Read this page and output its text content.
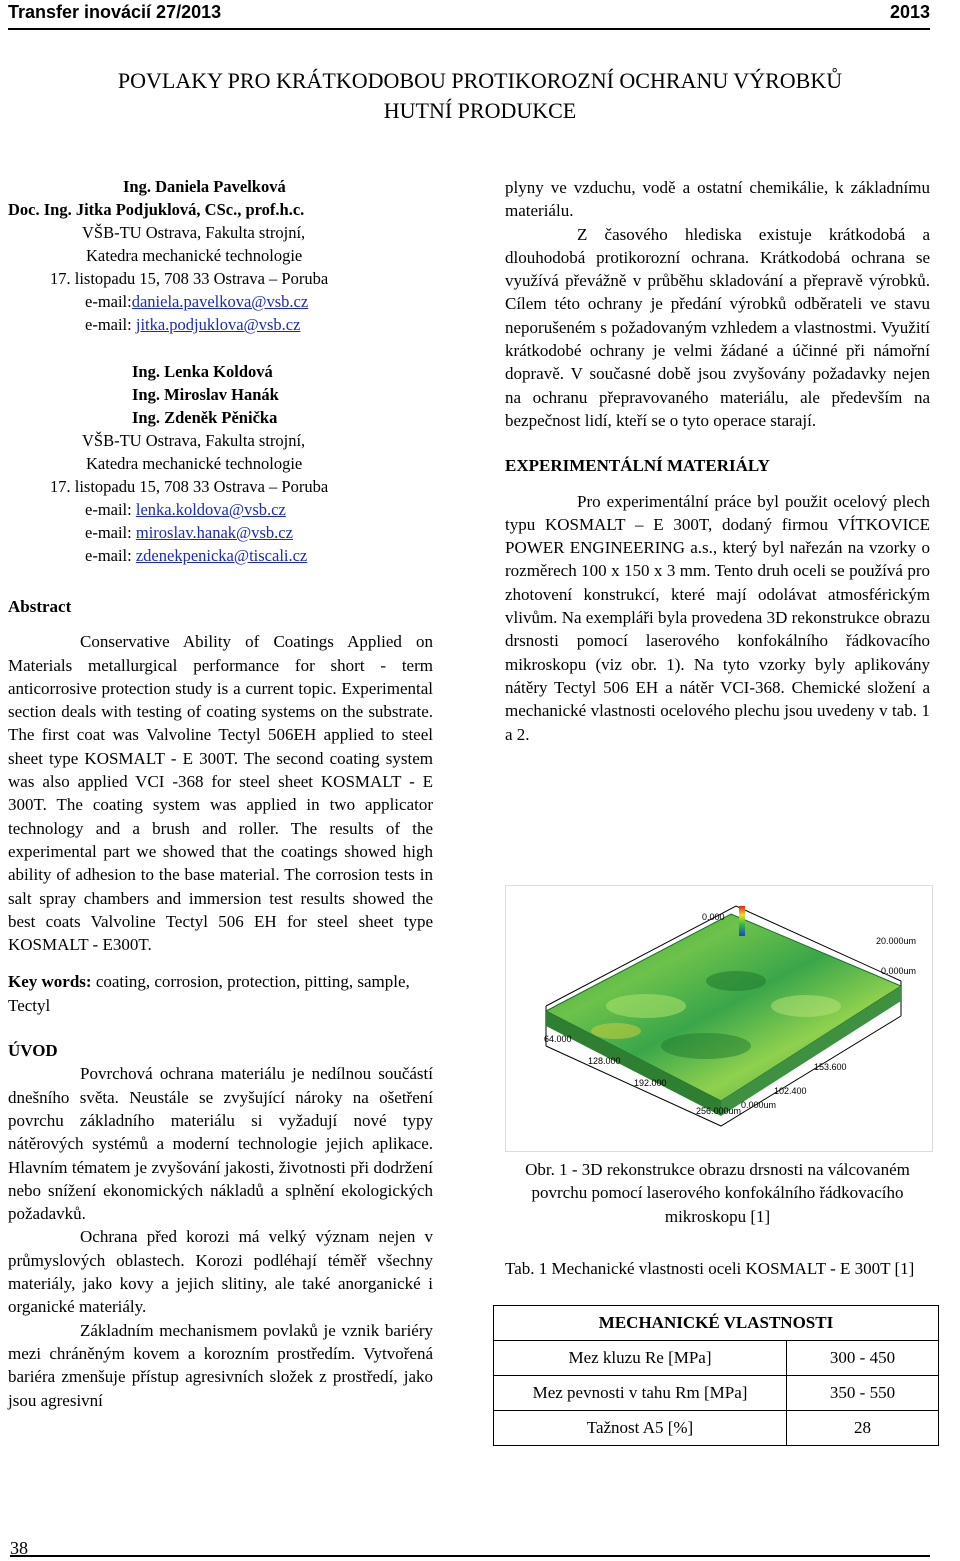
Transfer inovácií 27/2013	2013
POVLAKY PRO KRÁTKODOBOU PROTIKOROZNÍ OCHRANU VÝROBKŮ
HUTNÍ PRODUKCE
Ing. Daniela Pavelková
Doc. Ing. Jitka Podjuklová, CSc., prof.h.c.
VŠB-TU Ostrava, Fakulta strojní,
Katedra mechanické technologie
17. listopadu 15, 708 33 Ostrava – Poruba
e-mail:daniela.pavelkova@vsb.cz
e-mail: jitka.podjuklova@vsb.cz
Ing. Lenka Koldová
Ing. Miroslav Hanák
Ing. Zdeněk Pěnička
VŠB-TU Ostrava, Fakulta strojní,
Katedra mechanické technologie
17. listopadu 15, 708 33 Ostrava – Poruba
e-mail: lenka.koldova@vsb.cz
e-mail: miroslav.hanak@vsb.cz
e-mail: zdenekpenicka@tiscali.cz
Abstract

Conservative Ability of Coatings Applied on Materials metallurgical performance for short - term anticorrosive protection study is a current topic. Experimental section deals with testing of coating systems on the substrate. The first coat was Valvoline Tectyl 506EH applied to steel sheet type KOSMALT - E 300T. The second coating system was also applied VCI -368 for steel sheet KOSMALT - E 300T. The coating system was applied in two applicator technology and a brush and roller. The results of the experimental part we showed that the coatings showed high ability of adhesion to the base material. The corrosion tests in salt spray chambers and immersion test results showed the best coats Valvoline Tectyl 506 EH for steel sheet type KOSMALT - E300T.

Key words: coating, corrosion, protection, pitting, sample, Tectyl

ÚVOD

Povrchová ochrana materiálu je nedílnou součástí dnešního světa. Neustále se zvyšující nároky na ošetření povrchu základního materiálu si vyžadují nové typy nátěrových systémů a moderní technologie jejich aplikace. Hlavním tématem je zvyšování jakosti, životnosti při dodržení nebo snížení ekonomických nákladů a splnění ekologických požadavků.

Ochrana před korozi má velký význam nejen v průmyslových oblastech. Korozi podléhají téměř všechny materiály, jako kovy a jejich slitiny, ale také anorganické i organické materiály.

Základním mechanismem povlaků je vznik bariéry mezi chráněným kovem a korozním prostředím. Vytvořená bariéra zmenšuje přístup agresivních složek z prostředí, jako jsou agresivní

plyny ve vzduchu, vodě a ostatní chemikálie, k základnímu materiálu.

Z časového hlediska existuje krátkodobá a dlouhodobá protikorozní ochrana. Krátkodobá ochrana se využívá převážně v průběhu skladování a přepravě výrobků. Cílem této ochrany je předání výrobků odběrateli ve stavu neporušeném s požadovaným vzhledem a vlastnostmi. Využití krátkodobé ochrany je velmi žádané a účinné při námořní dopravě. V současné době jsou zvyšovány požadavky nejen na ochranu přepravovaného materiálu, ale především na bezpečnost lidí, kteří se o tyto operace starají.

EXPERIMENTÁLNÍ MATERIÁLY

Pro experimentální práce byl použit ocelový plech typu KOSMALT – E 300T, dodaný firmou VÍTKOVICE POWER ENGINEERING a.s., který byl nařezán na vzorky o rozměrech 100 x 150 x 3 mm. Tento druh oceli se používá pro zhotovení konstrukcí, které mají odolávat atmosférickým vlivům. Na exempláři byla provedena 3D rekonstrukce obrazu drsnosti pomocí laserového konfokálního řádkovacího mikroskopu (viz obr. 1). Na tyto vzorky byly aplikovány nátěry Tectyl 506 EH a nátěr VCI-368. Chemické složení a mechanické vlastnosti ocelového plechu jsou uvedeny v tab. 1 a 2.

0.000
20.000um
0.000um
64.000
128.000
192.000
256.000um
0.000um
153.600
102.400
Obr. 1 - 3D rekonstrukce obrazu drsnosti na válcovaném povrchu pomocí laserového konfokálního řádkovacího mikroskopu [1]
Tab. 1 Mechanické vlastnosti oceli KOSMALT - E 300T [1]
MECHANICKÉ VLASTNOSTI	
Mez kluzu Re [MPa]	300 - 450
Mez pevnosti v tahu Rm [MPa]	350 - 550
Tažnost A5 [%]	28
38
